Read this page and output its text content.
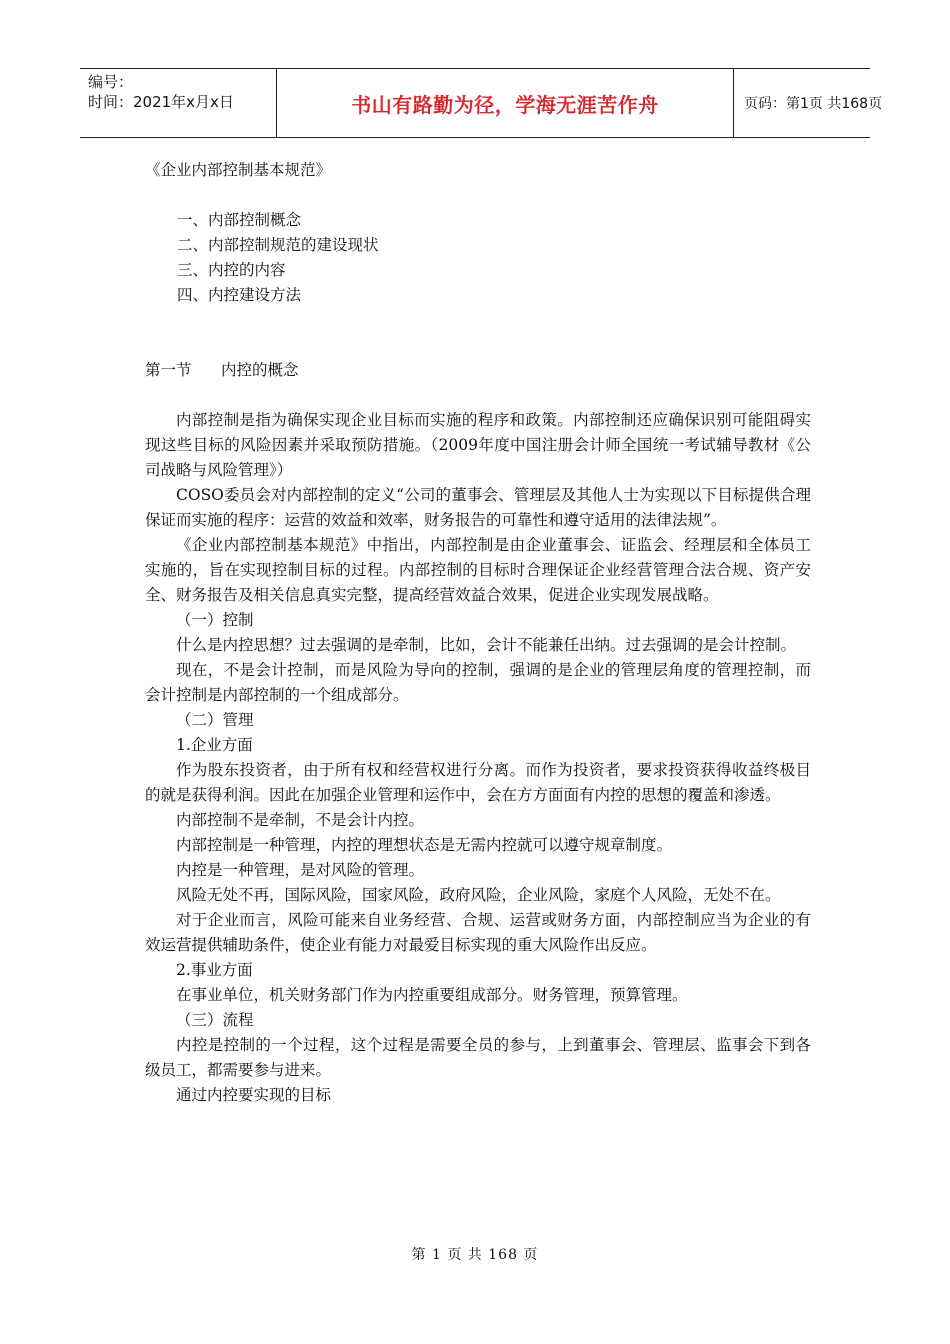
编号：
时间：2021年x月x日	书山有路勤为径，学海无涯苦作舟	页码：第1页 共168页
《企业内部控制基本规范》
一、内部控制概念
二、内部控制规范的建设现状
三、内控的内容
四、内控建设方法
第一节 内控的概念
内部控制是指为确保实现企业目标而实施的程序和政策。内部控制还应确保识别可能阻碍实现这些目标的风险因素并采取预防措施。（2009年度中国注册会计师全国统一考试辅导教材《公司战略与风险管理》）
COSO委员会对内部控制的定义“公司的董事会、管理层及其他人士为实现以下目标提供合理保证而实施的程序：运营的效益和效率，财务报告的可靠性和遵守适用的法律法规”。
《企业内部控制基本规范》中指出，内部控制是由企业董事会、证监会、经理层和全体员工实施的，旨在实现控制目标的过程。内部控制的目标时合理保证企业经营管理合法合规、资产安全、财务报告及相关信息真实完整，提高经营效益合效果，促进企业实现发展战略。
（一）控制
什么是内控思想？过去强调的是牵制，比如，会计不能兼任出纳。过去强调的是会计控制。
现在，不是会计控制，而是风险为导向的控制，强调的是企业的管理层角度的管理控制，而会计控制是内部控制的一个组成部分。
（二）管理
1.企业方面
作为股东投资者，由于所有权和经营权进行分离。而作为投资者，要求投资获得收益终极目的就是获得利润。因此在加强企业管理和运作中，会在方方面面有内控的思想的覆盖和渗透。
内部控制不是牵制，不是会计内控。
内部控制是一种管理，内控的理想状态是无需内控就可以遵守规章制度。
内控是一种管理，是对风险的管理。
风险无处不再，国际风险，国家风险，政府风险，企业风险，家庭个人风险，无处不在。
对于企业而言，风险可能来自业务经营、合规、运营或财务方面，内部控制应当为企业的有效运营提供辅助条件，使企业有能力对最爱目标实现的重大风险作出反应。
2.事业方面
在事业单位，机关财务部门作为内控重要组成部分。财务管理，预算管理。
（三）流程
内控是控制的一个过程，这个过程是需要全员的参与，上到董事会、管理层、监事会下到各级员工，都需要参与进来。
通过内控要实现的目标
第 1 页 共 168 页
